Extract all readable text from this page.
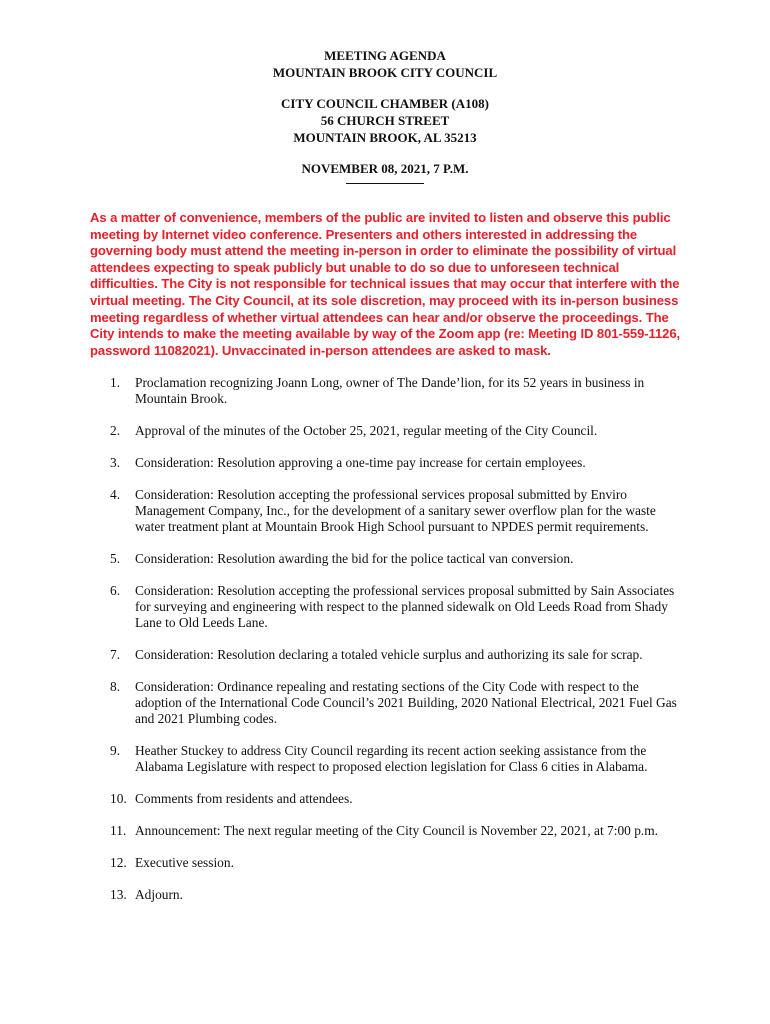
MEETING AGENDA
MOUNTAIN BROOK CITY COUNCIL
CITY COUNCIL CHAMBER (A108)
56 CHURCH STREET
MOUNTAIN BROOK, AL 35213
NOVEMBER 08, 2021, 7 P.M.
As a matter of convenience, members of the public are invited to listen and observe this public meeting by Internet video conference. Presenters and others interested in addressing the governing body must attend the meeting in-person in order to eliminate the possibility of virtual attendees expecting to speak publicly but unable to do so due to unforeseen technical difficulties. The City is not responsible for technical issues that may occur that interfere with the virtual meeting. The City Council, at its sole discretion, may proceed with its in-person business meeting regardless of whether virtual attendees can hear and/or observe the proceedings. The City intends to make the meeting available by way of the Zoom app (re: Meeting ID 801-559-1126, password 11082021). Unvaccinated in-person attendees are asked to mask.
1.	Proclamation recognizing Joann Long, owner of The Dande’lion, for its 52 years in business in Mountain Brook.
2.	Approval of the minutes of the October 25, 2021, regular meeting of the City Council.
3.	Consideration: Resolution approving a one-time pay increase for certain employees.
4.	Consideration: Resolution accepting the professional services proposal submitted by Enviro Management Company, Inc., for the development of a sanitary sewer overflow plan for the waste water treatment plant at Mountain Brook High School pursuant to NPDES permit requirements.
5.	Consideration: Resolution awarding the bid for the police tactical van conversion.
6.	Consideration: Resolution accepting the professional services proposal submitted by Sain Associates for surveying and engineering with respect to the planned sidewalk on Old Leeds Road from Shady Lane to Old Leeds Lane.
7.	Consideration: Resolution declaring a totaled vehicle surplus and authorizing its sale for scrap.
8.	Consideration: Ordinance repealing and restating sections of the City Code with respect to the adoption of the International Code Council’s 2021 Building, 2020 National Electrical, 2021 Fuel Gas and 2021 Plumbing codes.
9.	Heather Stuckey to address City Council regarding its recent action seeking assistance from the Alabama Legislature with respect to proposed election legislation for Class 6 cities in Alabama.
10. Comments from residents and attendees.
11. Announcement: The next regular meeting of the City Council is November 22, 2021, at 7:00 p.m.
12. Executive session.
13. Adjourn.
